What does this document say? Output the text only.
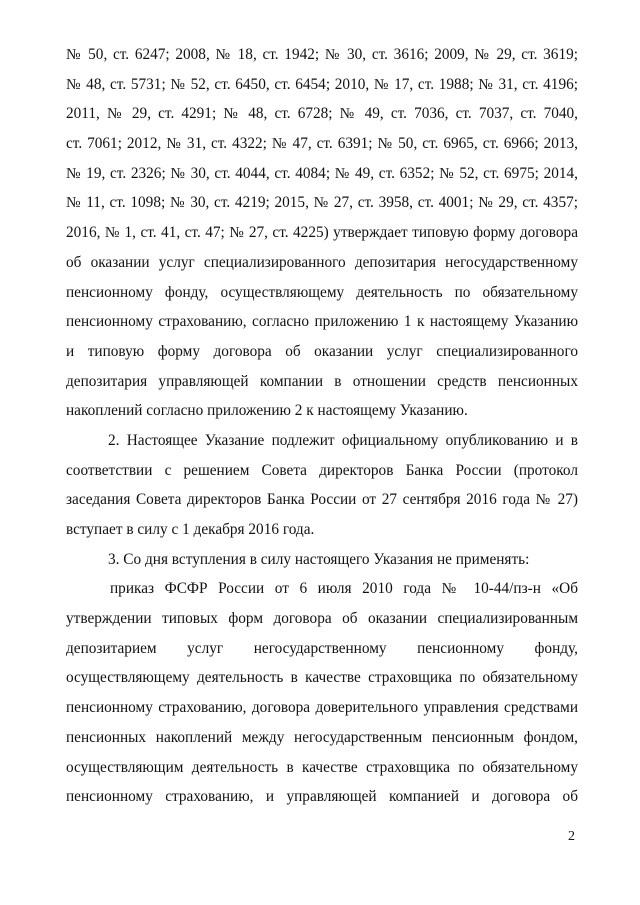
№ 50, ст. 6247; 2008, № 18, ст. 1942; № 30, ст. 3616; 2009, № 29, ст. 3619;
№ 48, ст. 5731; № 52, ст. 6450, ст. 6454; 2010, № 17, ст. 1988; № 31, ст. 4196;
2011, № 29, ст. 4291; № 48, ст. 6728; № 49, ст. 7036, ст. 7037, ст. 7040,
ст. 7061; 2012, № 31, ст. 4322; № 47, ст. 6391; № 50, ст. 6965, ст. 6966; 2013,
№ 19, ст. 2326; № 30, ст. 4044, ст. 4084; № 49, ст. 6352; № 52, ст. 6975; 2014,
№ 11, ст. 1098; № 30, ст. 4219; 2015, № 27, ст. 3958, ст. 4001; № 29, ст. 4357;
2016, № 1, ст. 41, ст. 47; № 27, ст. 4225) утверждает типовую форму договора
об оказании услуг специализированного депозитария негосударственному
пенсионному фонду, осуществляющему деятельность по обязательному
пенсионному страхованию, согласно приложению 1 к настоящему Указанию
и типовую форму договора об оказании услуг специализированного
депозитария управляющей компании в отношении средств пенсионных
накоплений согласно приложению 2 к настоящему Указанию.
2. Настоящее Указание подлежит официальному опубликованию и в
соответствии с решением Совета директоров Банка России (протокол
заседания Совета директоров Банка России от 27 сентября 2016 года № 27)
вступает в силу с 1 декабря 2016 года.
3. Со дня вступления в силу настоящего Указания не применять:
приказ ФСФР России от 6 июля 2010 года № 10-44/пз-н «Об
утверждении типовых форм договора об оказании специализированным
депозитарием услуг негосударственному пенсионному фонду,
осуществляющему деятельность в качестве страховщика по обязательному
пенсионному страхованию, договора доверительного управления средствами
пенсионных накоплений между негосударственным пенсионным фондом,
осуществляющим деятельность в качестве страховщика по обязательному
пенсионному страхованию, и управляющей компанией и договора об
2
